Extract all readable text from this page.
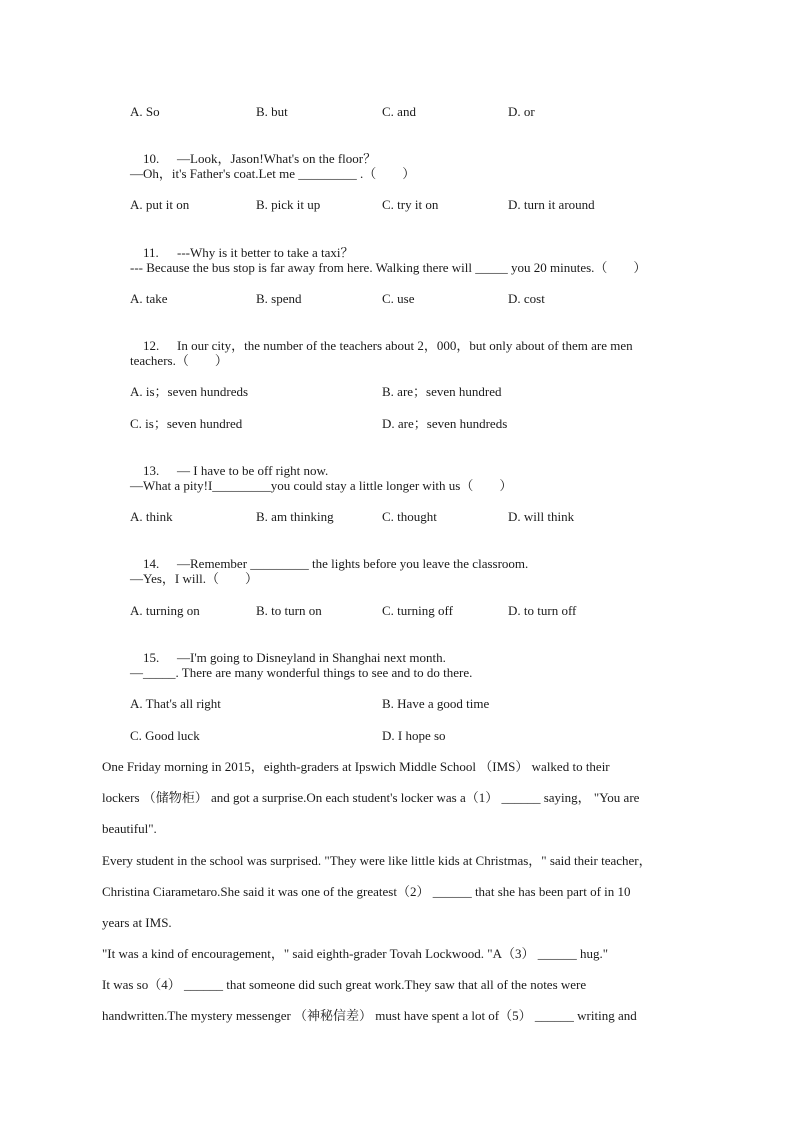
A. So	B. but	C. and	D. or

10. —Look，Jason!What's on the floor？

—Oh，it's Father's coat.Let me _________ .（　　）
A. put it on	B. pick it up	C. try it on	D. turn it around

11. ---Why is it better to take a taxi？

--- Because the bus stop is far away from here. Walking there will _____ you 20 minutes.（　　）
A. take	B. spend	C. use	D. cost

12. In our city，the number of the teachers about 2，000，but only about of them are men

teachers.（　　）
A. is；seven hundreds	B. are；seven hundred
C. is；seven hundred	D. are；seven hundreds

13. — I have to be off right now.

—What a pity!I_________you could stay a little longer with us（　　）
A. think	B. am thinking	C. thought	D. will think

14. —Remember _________ the lights before you leave the classroom.

—Yes，I will.（　　）
A. turning on	B. to turn on	C. turning off	D. to turn off

15. —I'm going to Disneyland in Shanghai next month.

—_____. There are many wonderful things to see and to do there.
A. That's all right	B. Have a good time
C. Good luck	D. I hope so
One Friday morning in 2015，eighth-graders at Ipswich Middle School （IMS） walked to their
lockers （储物柜） and got a surprise.On each student's locker was a（1） ______ saying， "You are
beautiful".
Every student in the school was surprised. "They were like little kids at Christmas，" said their teacher，
Christina Ciarametaro.She said it was one of the greatest（2） ______ that she has been part of in 10
years at IMS.
"It was a kind of encouragement，" said eighth-grader Tovah Lockwood. "A（3） ______ hug."
It was so（4） ______ that someone did such great work.They saw that all of the notes were
handwritten.The mystery messenger （神秘信差） must have spent a lot of（5） ______ writing and
